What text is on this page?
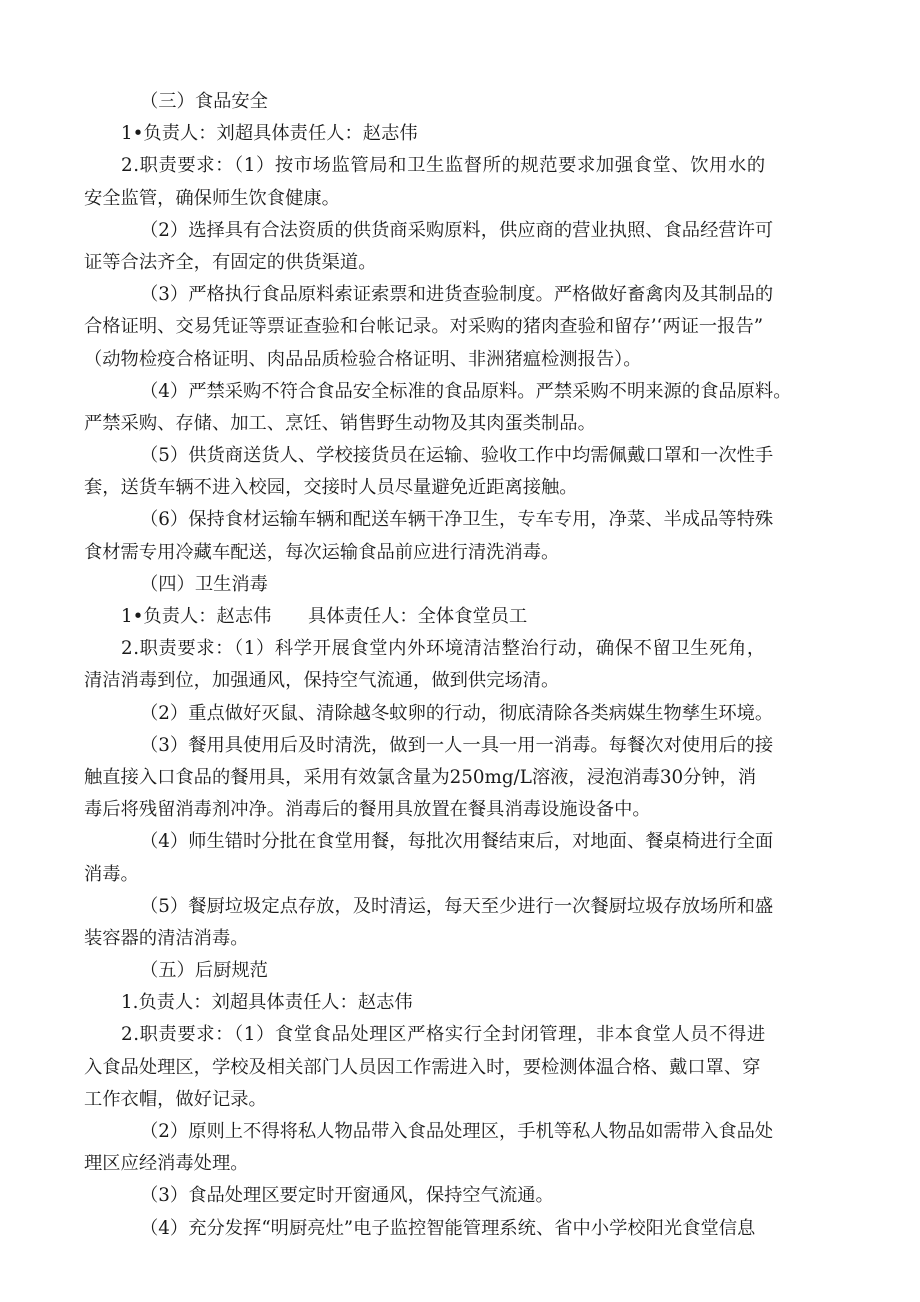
（三）食品安全

1•负责人：刘超具体责任人：赵志伟

2.职责要求：（1）按市场监管局和卫生监督所的规范要求加强食堂、饮用水的

安全监管，确保师生饮食健康。

（2）选择具有合法资质的供货商采购原料，供应商的营业执照、食品经营许可

证等合法齐全，有固定的供货渠道。

（3）严格执行食品原料索证索票和进货查验制度。严格做好畜禽肉及其制品的

合格证明、交易凭证等票证查验和台帐记录。对采购的猪肉查验和留存’‘两证一报告”

（动物检疫合格证明、肉品品质检验合格证明、非洲猪瘟检测报告）。

（4）严禁采购不符合食品安全标准的食品原料。严禁采购不明来源的食品原料。

严禁采购、存储、加工、烹饪、销售野生动物及其肉蛋类制品。

（5）供货商送货人、学校接货员在运输、验收工作中均需佩戴口罩和一次性手

套，送货车辆不进入校园，交接时人员尽量避免近距离接触。

（6）保持食材运输车辆和配送车辆干净卫生，专车专用，净菜、半成品等特殊

食材需专用冷藏车配送，每次运输食品前应进行清洗消毒。

（四）卫生消毒

1•负责人：赵志伟　　具体责任人：全体食堂员工

2.职责要求：（1）科学开展食堂内外环境清洁整治行动，确保不留卫生死角，

清洁消毒到位，加强通风，保持空气流通，做到供完场清。

（2）重点做好灭鼠、清除越冬蚊卵的行动，彻底清除各类病媒生物孳生环境。

（3）餐用具使用后及时清洗，做到一人一具一用一消毒。每餐次对使用后的接

触直接入口食品的餐用具，采用有效氯含量为250mg/L溶液，浸泡消毒30分钟，消

毒后将残留消毒剂冲净。消毒后的餐用具放置在餐具消毒设施设备中。

（4）师生错时分批在食堂用餐，每批次用餐结束后，对地面、餐桌椅进行全面

消毒。

（5）餐厨垃圾定点存放，及时清运，每天至少进行一次餐厨垃圾存放场所和盛

装容器的清洁消毒。

（五）后厨规范

1.负责人：刘超具体责任人：赵志伟

2.职责要求：（1）食堂食品处理区严格实行全封闭管理，非本食堂人员不得进

入食品处理区，学校及相关部门人员因工作需进入时，要检测体温合格、戴口罩、穿

工作衣帽，做好记录。

（2）原则上不得将私人物品带入食品处理区，手机等私人物品如需带入食品处

理区应经消毒处理。

（3）食品处理区要定时开窗通风，保持空气流通。

（4）充分发挥“明厨亮灶”电子监控智能管理系统、省中小学校阳光食堂信息
